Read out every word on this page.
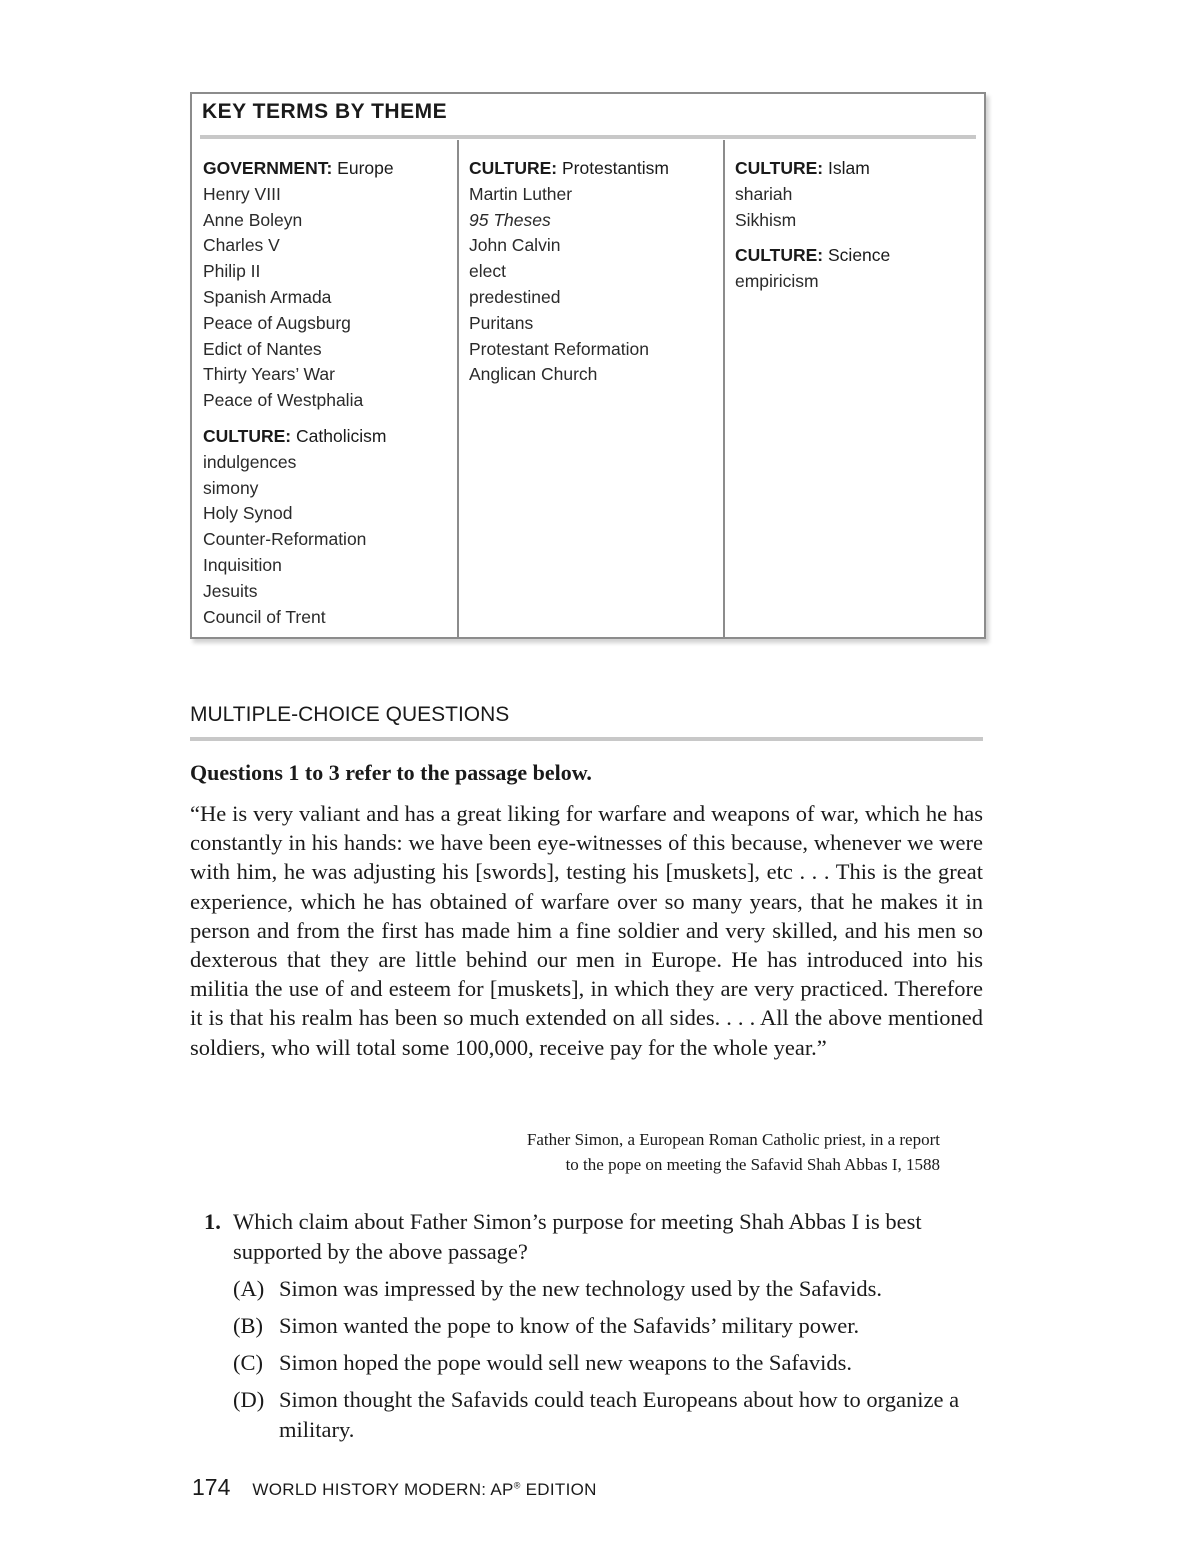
KEY TERMS BY THEME
GOVERNMENT: Europe
Henry VIII
Anne Boleyn
Charles V
Philip II
Spanish Armada
Peace of Augsburg
Edict of Nantes
Thirty Years’ War
Peace of Westphalia
CULTURE: Catholicism
indulgences
simony
Holy Synod
Counter-Reformation
Inquisition
Jesuits
Council of Trent
CULTURE: Protestantism
Martin Luther
95 Theses
John Calvin
elect
predestined
Puritans
Protestant Reformation
Anglican Church
CULTURE: Islam
shariah
Sikhism
CULTURE: Science
empiricism
MULTIPLE-CHOICE QUESTIONS
Questions 1 to 3 refer to the passage below.

“He is very valiant and has a great liking for warfare and weapons of war, which he has constantly in his hands: we have been eye-witnesses of this because, whenever we were with him, he was adjusting his [swords], testing his [muskets], etc . . . This is the great experience, which he has obtained of warfare over so many years, that he makes it in person and from the first has made him a fine soldier and very skilled, and his men so dexterous that they are little behind our men in Europe. He has introduced into his militia the use of and esteem for [muskets], in which they are very practiced. Therefore it is that his realm has been so much extended on all sides. . . . All the above mentioned soldiers, who will total some 100,000, receive pay for the whole year.”

Father Simon, a European Roman Catholic priest, in a report
to the pope on meeting the Safavid Shah Abbas I, 1588
1. Which claim about Father Simon’s purpose for meeting Shah Abbas I is best supported by the above passage?
(A) Simon was impressed by the new technology used by the Safavids.
(B) Simon wanted the pope to know of the Safavids’ military power.
(C) Simon hoped the pope would sell new weapons to the Safavids.
(D) Simon thought the Safavids could teach Europeans about how to organize a military.
174 WORLD HISTORY MODERN: AP® EDITION
